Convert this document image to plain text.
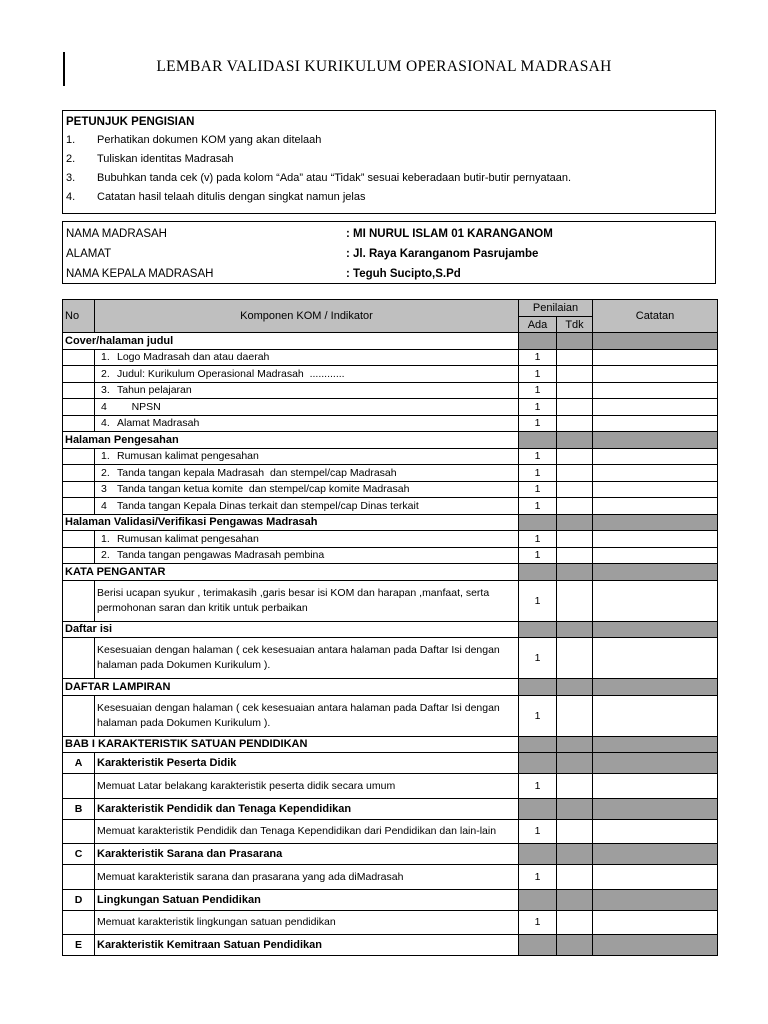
LEMBAR VALIDASI KURIKULUM OPERASIONAL MADRASAH
PETUNJUK PENGISIAN
1. Perhatikan dokumen KOM yang akan ditelaah
2. Tuliskan identitas Madrasah
3. Bubuhkan tanda cek (v) pada kolom “Ada” atau “Tidak” sesuai keberadaan butir-butir pernyataan.
4. Catatan hasil telaah ditulis dengan singkat namun jelas
NAMA MADRASAH	: MI NURUL ISLAM 01 KARANGANOM
ALAMAT	: Jl. Raya Karanganom Pasrujambe
NAMA KEPALA MADRASAH	: Teguh Sucipto,S.Pd
No	Komponen KOM / Indikator	Penilaian		Catatan
		Ada	Tdk	
Cover/halaman judul				
	1. Logo Madrasah dan atau daerah	1		
	2. Judul: Kurikulum Operasional Madrasah  ............	1		
	3. Tahun pelajaran	1		
	4     NPSN	1		
	4. Alamat Madrasah	1		
Halaman Pengesahan				
	1. Rumusan kalimat pengesahan	1		
	2. Tanda tangan kepala Madrasah  dan stempel/cap Madrasah	1		
	3 Tanda tangan ketua komite  dan stempel/cap komite Madrasah	1		
	4 Tanda tangan Kepala Dinas terkait dan stempel/cap Dinas terkait	1		
Halaman Validasi/Verifikasi Pengawas Madrasah				
	1. Rumusan kalimat pengesahan	1		
	2. Tanda tangan pengawas Madrasah pembina	1		
KATA PENGANTAR				
	Berisi ucapan syukur , terimakasih ,garis besar isi KOM dan harapan ,manfaat, serta permohonan saran dan kritik untuk perbaikan	1		
Daftar isi				
	Kesesuaian dengan halaman ( cek kesesuaian antara halaman pada Daftar Isi dengan halaman pada Dokumen Kurikulum ).	1		
DAFTAR LAMPIRAN				
	Kesesuaian dengan halaman ( cek kesesuaian antara halaman pada Daftar Isi dengan halaman pada Dokumen Kurikulum ).	1		
BAB I KARAKTERISTIK SATUAN PENDIDIKAN				
A	Karakteristik Peserta Didik			
	Memuat Latar belakang karakteristik peserta didik secara umum	1		
B	Karakteristik Pendidik dan Tenaga Kependidikan			
	Memuat karakteristik Pendidik dan Tenaga Kependidikan dari Pendidikan dan lain-lain	1		
C	Karakteristik Sarana dan Prasarana			
	Memuat karakteristik sarana dan prasarana yang ada diMadrasah	1		
D	Lingkungan Satuan Pendidikan			
	Memuat karakteristik lingkungan satuan pendidikan	1		
E	Karakteristik Kemitraan Satuan Pendidikan			
